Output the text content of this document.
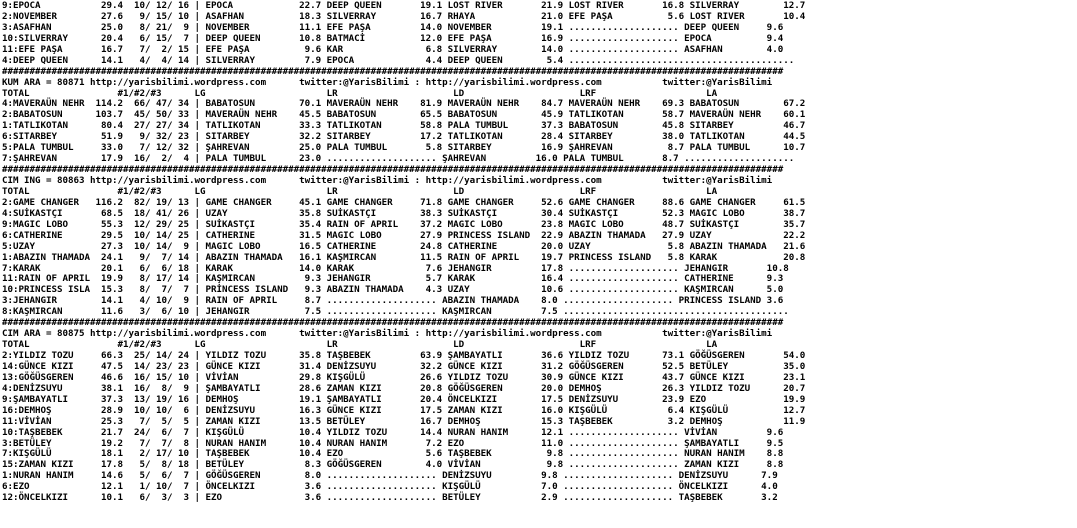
9:EPOCA           29.4  10/ 12/ 16 | EPOCA            22.7 DEEP QUEEN       19.1 LOST RIVER       21.9 LOST RIVER       16.8 SILVERRAY        12.7
2:NOVEMBER        27.6   9/ 15/ 10 | ASAFHAN          18.3 SILVERRAY        16.7 RHAYA            21.0 EFE PAŞA          5.6 LOST RIVER       10.4
3:ASAFHAN         25.0   8/ 21/  9 | NOVEMBER         11.1 EFE PAŞA         14.0 NOVEMBER         19.1 .................... DEEP QUEEN     9.6
10:SILVERRAY      20.4   6/ 15/  7 | DEEP QUEEN       10.8 BATMACİ          12.0 EFE PAŞA         16.9 .................... EPOCA          9.4
11:EFE PAŞA       16.7   7/  2/ 15 | EFE PAŞA          9.6 KAR               6.8 SILVERRAY        14.0 .................... ASAFHAN        4.0
4:DEEP QUEEN      14.1   4/  4/ 14 | SILVERRAY         7.9 EPOCA             4.4 DEEP QUEEN        5.4 .........................................
##############################################################################################################################################
KUM ARA = 80871 http://yarisbilimi.wordpress.com      twitter:@YarisBilimi : http://yarisbilimi.wordpress.com           twitter:@YarisBilimi
TOTAL                #1/#2/#3      LG                      LR                     LD                     LRF                    LA
4:MAVERAÜN NEHR  114.2  66/ 47/ 34 | BABATOSUN        70.1 MAVERAÜN NEHR    81.9 MAVERAÜN NEHR    84.7 MAVERAÜN NEHR    69.3 BABATOSUN        67.2
2:BABATOSUN      103.7  45/ 50/ 33 | MAVERAÜN NEHR    45.5 BABATOSUN        65.5 BABATOSUN        45.9 TATLIKOTAN       58.7 MAVERAÜN NEHR    60.1
1:TATLIKOTAN      80.4  27/ 27/ 34 | TATLIKOTAN       33.3 TATLIKOTAN       58.8 PALA TUMBUL      37.3 BABATOSUN        45.8 SITARBEY         46.7
6:SITARBEY        51.9   9/ 32/ 23 | SITARBEY         32.2 SITARBEY         17.2 TATLIKOTAN       28.4 SITARBEY         38.0 TATLIKOTAN       44.5
5:PALA TUMBUL     33.0   7/ 12/ 32 | ŞAHREVAN         25.0 PALA TUMBUL       5.8 SITARBEY         16.9 ŞAHREVAN          8.7 PALA TUMBUL      10.7
7:ŞAHREVAN        17.9  16/  2/  4 | PALA TUMBUL      23.0 .................... ŞAHREVAN         16.0 PALA TUMBUL       8.7 ....................
##############################################################################################################################################
CIM ING = 80863 http://yarisbilimi.wordpress.com      twitter:@YarisBilimi : http://yarisbilimi.wordpress.com           twitter:@YarisBilimi
TOTAL                #1/#2/#3      LG                      LR                     LD                     LRF                    LA
2:GAME CHANGER   116.2  82/ 19/ 13 | GAME CHANGER     45.1 GAME CHANGER     71.8 GAME CHANGER     52.6 GAME CHANGER     88.6 GAME CHANGER     61.5
4:SUİKASTÇI       68.5  18/ 41/ 26 | UZAY             35.8 SUİKASTÇI        38.3 SUİKASTÇI        30.4 SUİKASTÇI        52.3 MAGIC LOBO       38.7
9:MAGIC LOBO      55.3  12/ 29/ 25 | SUİKASTÇI        35.4 RAIN OF APRIL    37.2 MAGIC LOBO       23.8 MAGIC LOBO       48.7 SUİKASTÇI        35.7
6:CATHERINE       29.5  10/ 14/ 25 | CATHERINE        31.5 MAGIC LOBO       27.9 PRINCESS ISLAND  22.9 ABAZIN THAMADA   27.9 UZAY             22.2
5:UZAY            27.3  10/ 14/  9 | MAGIC LOBO       16.5 CATHERINE        24.8 CATHERINE        20.0 UZAY              5.8 ABAZIN THAMADA   21.6
1:ABAZIN THAMADA  24.1   9/  7/ 14 | ABAZIN THAMADA   16.1 KAŞMIRCAN        11.5 RAIN OF APRIL    19.7 PRINCESS ISLAND   5.8 KARAK            20.8
7:KARAK           20.1   6/  6/ 18 | KARAK            14.0 KARAK             7.6 JEHANGIR         17.8 .................... JEHANGIR       10.8
11:RAIN OF APRIL  19.9   8/ 17/ 14 | KAŞMIRCAN         9.3 JEHANGIR          5.7 KARAK            16.4 .................... CATHERINE      9.3
10:PRINCESS ISLA  15.3   8/  7/  7 | PRİNCESS ISLAND   9.3 ABAZIN THAMADA    4.3 UZAY             10.6 .................... KAŞMIRCAN      5.0
3:JEHANGIR        14.1   4/ 10/  9 | RAIN OF APRIL     8.7 .................... ABAZIN THAMADA    8.0 .................... PRINCESS ISLAND 3.6
8:KAŞMIRCAN       11.6   3/  6/ 10 | JEHANGIR          7.5 .................... KAŞMIRCAN         7.5 .........................................
##############################################################################################################################################
CIM ARA = 80875 http://yarisbilimi.wordpress.com      twitter:@YarisBilimi : http://yarisbilimi.wordpress.com           twitter:@YarisBilimi
TOTAL                #1/#2/#3      LG                      LR                     LD                     LRF                    LA
2:YILDIZ TOZU     66.3  25/ 14/ 24 | YILDIZ TOZU      35.8 TAŞBEBEK         63.9 ŞAMBAYATLI       36.6 YILDIZ TOZU      73.1 GÖĞÜSGEREN       54.0
14:GÜNCE KIZI     47.5  14/ 23/ 23 | GÜNCE KIZI       31.4 DENİZSUYU        32.2 GÜNCE KIZI       31.2 GÖĞÜSGEREN       52.5 BETÜLEY          35.0
13:GÖĞÜSGEREN     46.6  16/ 15/ 10 | VİVİAN           29.8 KIŞGÜLÜ          26.6 YILDIZ TOZU      30.9 GÜNCE KIZI       43.7 GÜNCE KIZI       23.1
4:DENİZSUYU       38.1  16/  8/  9 | ŞAMBAYATLI       28.6 ZAMAN KIZI       20.8 GÖĞÜSGEREN       20.0 DEMHOŞ           26.3 YILDIZ TOZU      20.7
9:ŞAMBAYATLI      37.3  13/ 19/ 16 | DEMHOŞ           19.1 ŞAMBAYATLI       20.4 ÖNCELKIZI        17.5 DENİZSUYU        23.9 EZO              19.9
16:DEMHOŞ         28.9  10/ 10/  6 | DENİZSUYU        16.3 GÜNCE KIZI       17.5 ZAMAN KIZI       16.0 KIŞGÜLÜ           6.4 KIŞGÜLÜ          12.7
11:VİVİAN         25.3   7/  5/  5 | ZAMAN KIZI       13.5 BETÜLEY          16.7 DEMHOŞ           15.3 TAŞBEBEK          3.2 DEMHOŞ           11.9
10:TAŞBEBEK       21.7  24/  6/  7 | KIŞGÜLÜ          10.4 YILDIZ TOZU      14.4 NURAN HANIM      12.1 .................... VİVİAN         9.6
3:BETÜLEY         19.2   7/  7/  8 | NURAN HANIM      10.4 NURAN HANIM       7.2 EZO              11.0 .................... ŞAMBAYATLI     9.5
7:KIŞGÜLÜ         18.1   2/ 17/ 10 | TAŞBEBEK         10.4 EZO               5.6 TAŞBEBEK          9.8 .................... NURAN HANIM    8.8
15:ZAMAN KIZI     17.8   5/  8/ 18 | BETÜLEY           8.3 GÖĞÜSGEREN        4.0 VİVİAN            9.8 .................... ZAMAN KIZI     8.8
1:NURAN HANIM     14.6   5/  6/  7 | GÖĞÜSGEREN        8.0 .................... DENİZSUYU         9.8 .................... DENİZSUYU      7.9
6:EZO             12.1   1/ 10/  7 | ÖNCELKIZI         3.6 .................... KIŞGÜLÜ           7.0 .................... ÖNCELKIZI      4.0
12:ÖNCELKIZI      10.1   6/  3/  3 | EZO               3.6 .................... BETÜLEY           2.9 .................... TAŞBEBEK       3.2
